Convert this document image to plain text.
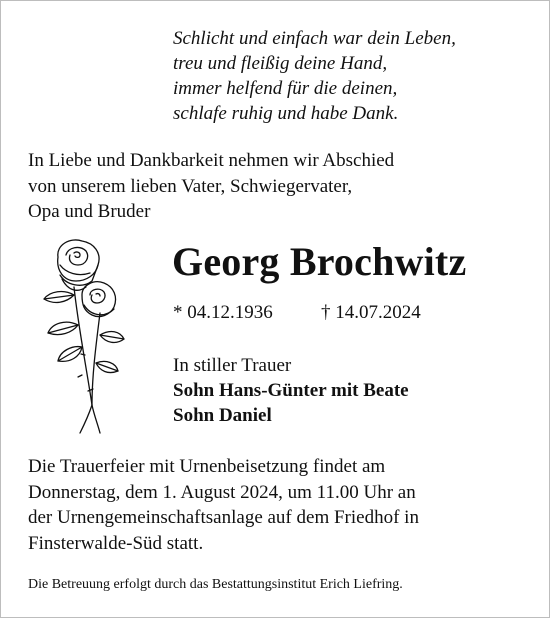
Schlicht und einfach war dein Leben,
treu und fleißig deine Hand,
immer helfend für die deinen,
schlafe ruhig und habe Dank.
In Liebe und Dankbarkeit nehmen wir Abschied
von unserem lieben Vater, Schwiegervater,
Opa und Bruder
Georg Brochwitz
* 04.12.1936	† 14.07.2024
In stiller Trauer
Sohn Hans-Günter mit Beate
Sohn Daniel
Die Trauerfeier mit Urnenbeisetzung findet am
Donnerstag, dem 1. August 2024, um 11.00 Uhr an
der Urnengemeinschaftsanlage auf dem Friedhof in
Finsterwalde-Süd statt.
Die Betreuung erfolgt durch das Bestattungsinstitut Erich Liefring.
